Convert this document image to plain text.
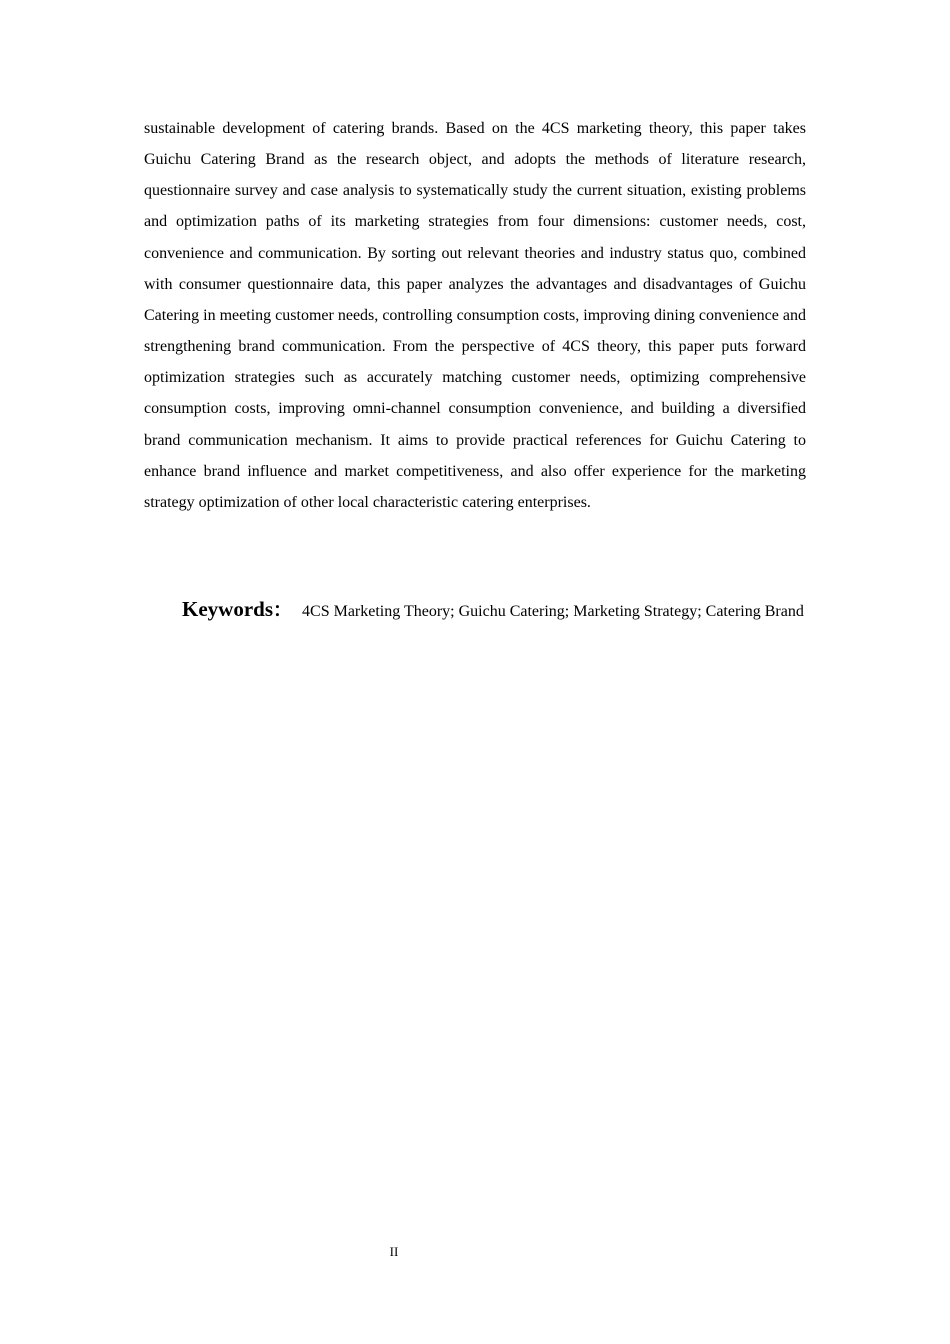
sustainable development of catering brands. Based on the 4CS marketing theory, this paper takes Guichu Catering Brand as the research object, and adopts the methods of literature research, questionnaire survey and case analysis to systematically study the current situation, existing problems and optimization paths of its marketing strategies from four dimensions: customer needs, cost, convenience and communication. By sorting out relevant theories and industry status quo, combined with consumer questionnaire data, this paper analyzes the advantages and disadvantages of Guichu Catering in meeting customer needs, controlling consumption costs, improving dining convenience and strengthening brand communication. From the perspective of 4CS theory, this paper puts forward optimization strategies such as accurately matching customer needs, optimizing comprehensive consumption costs, improving omni-channel consumption convenience, and building a diversified brand communication mechanism. It aims to provide practical references for Guichu Catering to enhance brand influence and market competitiveness, and also offer experience for the marketing strategy optimization of other local characteristic catering enterprises.

Keywords： 4CS Marketing Theory; Guichu Catering; Marketing Strategy; Catering Brand

II
